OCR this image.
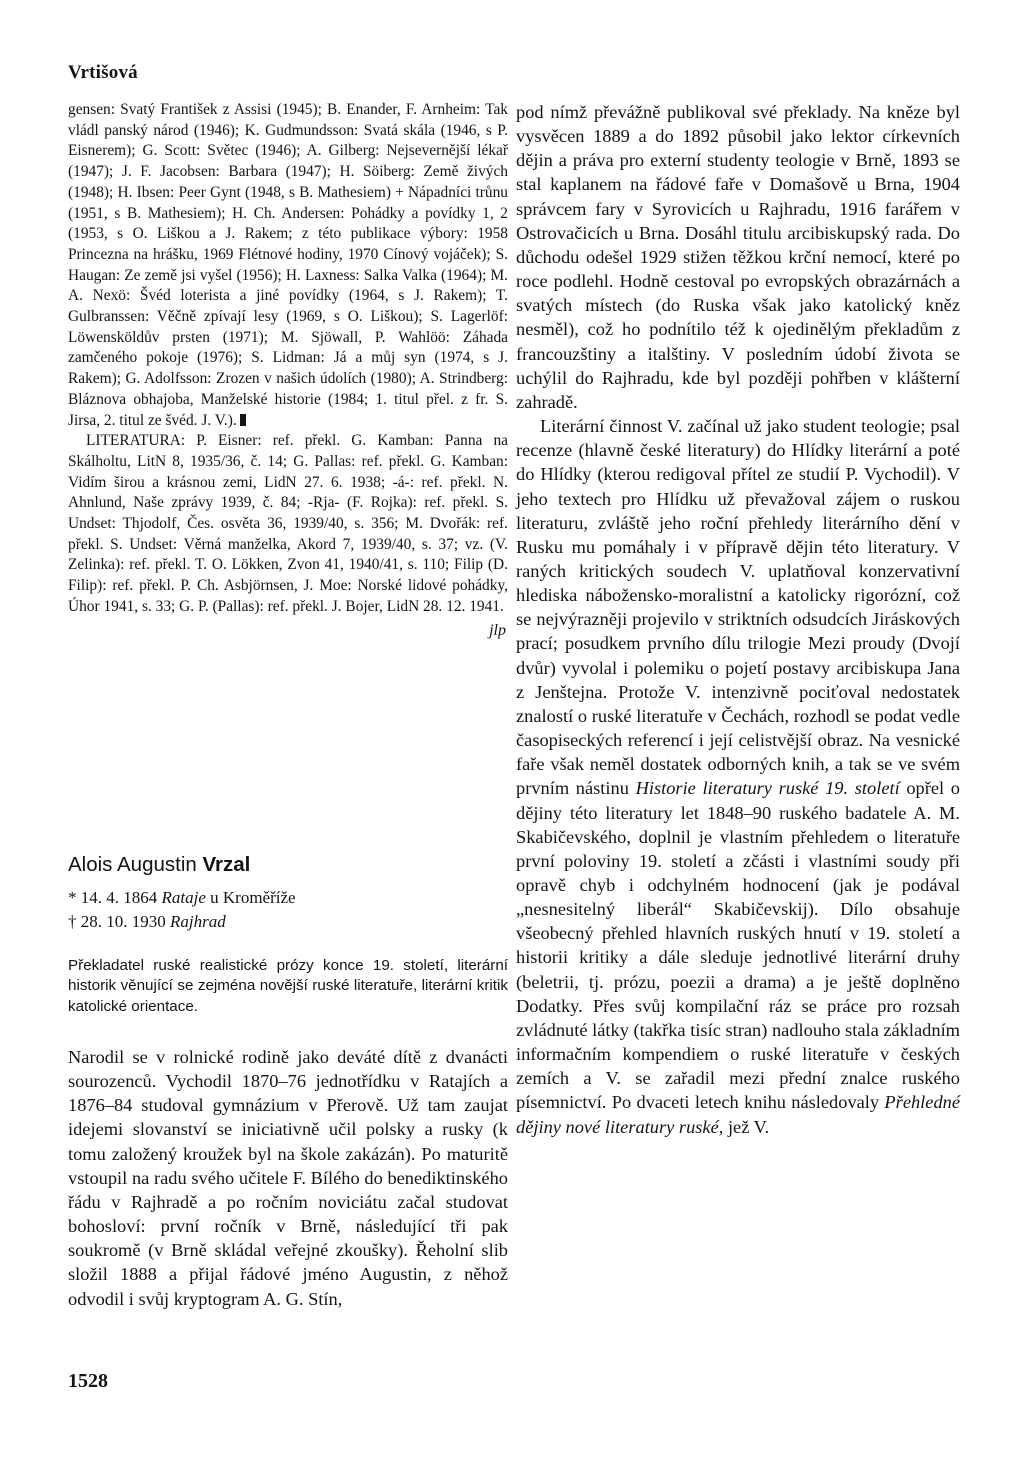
Vrtišová

gensen: Svatý František z Assisi (1945); B. Enander, F. Arnheim: Tak vládl panský národ (1946); K. Gudmundsson: Svatá skála (1946, s P. Eisnerem); G. Scott: Světec (1946); A. Gilberg: Nejsevernější lékař (1947); J. F. Jacobsen: Barbara (1947); H. Söiberg: Země živých (1948); H. Ibsen: Peer Gynt (1948, s B. Mathesiem) + Nápadníci trůnu (1951, s B. Mathesiem); H. Ch. Andersen: Pohádky a povídky 1, 2 (1953, s O. Liškou a J. Rakem; z této publikace výbory: 1958 Princezna na hrášku, 1969 Flétnové hodiny, 1970 Cínový vojáček); S. Haugan: Ze země jsi vyšel (1956); H. Laxness: Salka Valka (1964); M. A. Nexö: Švéd loterista a jiné povídky (1964, s J. Rakem); T. Gulbranssen: Věčně zpívají lesy (1969, s O. Liškou); S. Lagerlöf: Löwensköldův prsten (1971); M. Sjöwall, P. Wahlöö: Záhada zamčeného pokoje (1976); S. Lidman: Já a můj syn (1974, s J. Rakem); G. Adolfsson: Zrozen v našich údolích (1980); A. Strindberg: Bláznova obhajoba, Manželské historie (1984; 1. titul přel. z fr. S. Jirsa, 2. titul ze švéd. J. V.).

LITERATURA: P. Eisner: ref. překl. G. Kamban: Panna na Skálholtu, LitN 8, 1935/36, č. 14; G. Pallas: ref. překl. G. Kamban: Vidím širou a krásnou zemi, LidN 27. 6. 1938; -á-: ref. překl. N. Ahnlund, Naše zprávy 1939, č. 84; -Rja- (F. Rojka): ref. překl. S. Undset: Thjodolf, Čes. osvěta 36, 1939/40, s. 356; M. Dvořák: ref. překl. S. Undset: Věrná manželka, Akord 7, 1939/40, s. 37; vz. (V. Zelinka): ref. překl. T. O. Lökken, Zvon 41, 1940/41, s. 110; Filip (D. Filip): ref. překl. P. Ch. Asbjörnsen, J. Moe: Norské lidové pohádky, Úhor 1941, s. 33; G. P. (Pallas): ref. překl. J. Bojer, LidN 28. 12. 1941.

jlp
Alois Augustin Vrzal
* 14. 4. 1864 Rataje u Kroměříže
† 28. 10. 1930 Rajhrad
Překladatel ruské realistické prózy konce 19. století, literární historik věnující se zejména novější ruské literatuře, literární kritik katolické orientace.

Narodil se v rolnické rodině jako deváté dítě z dvanácti sourozenců. Vychodil 1870–76 jednotřídku v Ratajích a 1876–84 studoval gymnázium v Přerově. Už tam zaujat idejemi slovanství se iniciativně učil polsky a rusky (k tomu založený kroužek byl na škole zakázán). Po maturitě vstoupil na radu svého učitele F. Bílého do benediktinského řádu v Rajhradě a po ročním noviciátu začal studovat bohosloví: první ročník v Brně, následující tři pak soukromě (v Brně skládal veřejné zkoušky). Řeholní slib složil 1888 a přijal řádové jméno Augustin, z něhož odvodil i svůj kryptogram A. G. Stín,

pod nímž převážně publikoval své překlady. Na kněze byl vysvěcen 1889 a do 1892 působil jako lektor církevních dějin a práva pro externí studenty teologie v Brně, 1893 se stal kaplanem na řádové faře v Domašově u Brna, 1904 správcem fary v Syrovicích u Rajhradu, 1916 farářem v Ostrovačicích u Brna. Dosáhl titulu arcibiskupský rada. Do důchodu odešel 1929 stižen těžkou krční nemocí, které po roce podlehl. Hodně cestoval po evropských obrazárnách a svatých místech (do Ruska však jako katolický kněz nesměl), což ho podnítilo též k ojedinělým překladům z francouzštiny a italštiny. V posledním údobí života se uchýlil do Rajhradu, kde byl později pohřben v klášterní zahradě.

Literární činnost V. začínal už jako student teologie; psal recenze (hlavně české literatury) do Hlídky literární a poté do Hlídky (kterou redigoval přítel ze studií P. Vychodil). V jeho textech pro Hlídku už převažoval zájem o ruskou literaturu, zvláště jeho roční přehledy literárního dění v Rusku mu pomáhaly i v přípravě dějin této literatury. V raných kritických soudech V. uplatňoval konzervativní hlediska nábožensko-moralistní a katolicky rigorózní, což se nejvýrazněji projevilo v striktních odsudcích Jiráskových prací; posudkem prvního dílu trilogie Mezi proudy (Dvojí dvůr) vyvolal i polemiku o pojetí postavy arcibiskupa Jana z Jenštejna. Protože V. intenzivně pociťoval nedostatek znalostí o ruské literatuře v Čechách, rozhodl se podat vedle časopiseckých referencí i její celistvější obraz. Na vesnické faře však neměl dostatek odborných knih, a tak se ve svém prvním nástinu Historie literatury ruské 19. století opřel o dějiny této literatury let 1848–90 ruského badatele A. M. Skabičevského, doplnil je vlastním přehledem o literatuře první poloviny 19. století a zčásti i vlastními soudy při opravě chyb i odchylném hodnocení (jak je podával „nesnesitelný liberál“ Skabičevskij). Dílo obsahuje všeobecný přehled hlavních ruských hnutí v 19. století a historii kritiky a dále sleduje jednotlivé literární druhy (beletrii, tj. prózu, poezii a drama) a je ještě doplněno Dodatky. Přes svůj kompilační ráz se práce pro rozsah zvládnuté látky (takřka tisíc stran) nadlouho stala základním informačním kompendiem o ruské literatuře v českých zemích a V. se zařadil mezi přední znalce ruského písemnictví. Po dvaceti letech knihu následovaly Přehledné dějiny nové literatury ruské, jež V.

1528
